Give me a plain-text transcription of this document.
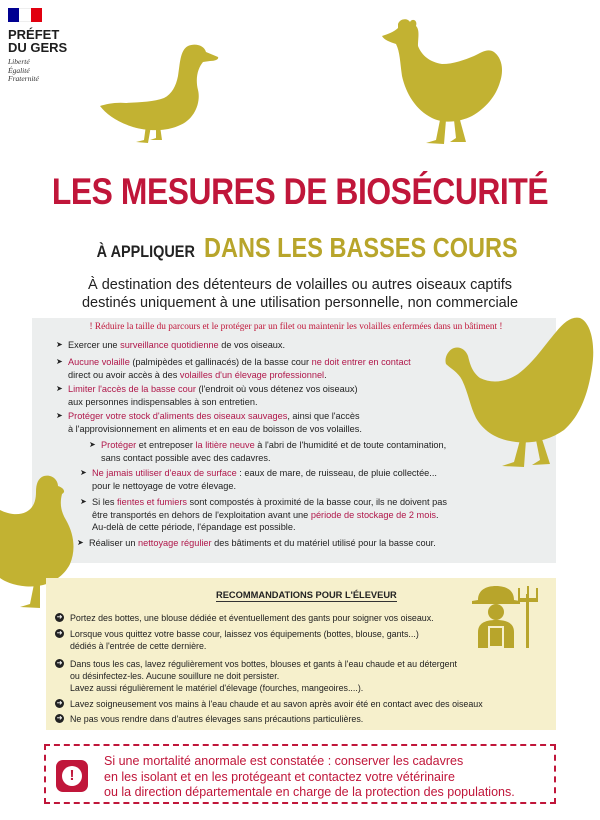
PRÉFET
DU GERS
Liberté
Égalité
Fraternité
LES MESURES DE BIOSÉCURITÉ
À APPLIQUER DANS LES BASSES COURS
À destination des détenteurs de volailles ou autres oiseaux captifs
destinés uniquement à une utilisation personnelle, non commerciale
! Réduire la taille du parcours et le protéger par un filet ou maintenir les volailles enfermées dans un bâtiment !
➤ Exercer une surveillance quotidienne de vos oiseaux.
➤ Aucune volaille (palmipèdes et gallinacés) de la basse cour ne doit entrer en contact
direct ou avoir accès à des volailles d'un élevage professionnel.
➤ Limiter l'accès de la basse cour (l'endroit où vous détenez vos oiseaux)
aux personnes indispensables à son entretien.
➤ Protéger votre stock d'aliments des oiseaux sauvages, ainsi que l'accès
à l'approvisionnement en aliments et en eau de boisson de vos volailles.
➤ Protéger et entreposer la litière neuve à l'abri de l'humidité et de toute contamination,
sans contact possible avec des cadavres.
➤ Ne jamais utiliser d'eaux de surface : eaux de mare, de ruisseau, de pluie collectée...
pour le nettoyage de votre élevage.
➤ Si les fientes et fumiers sont compostés à proximité de la basse cour, ils ne doivent pas
être transportés en dehors de l'exploitation avant une période de stockage de 2 mois.
Au-delà de cette période, l'épandage est possible.
➤ Réaliser un nettoyage régulier des bâtiments et du matériel utilisé pour la basse cour.
RECOMMANDATIONS POUR L'ÉLEVEUR
➜ Portez des bottes, une blouse dédiée et éventuellement des gants pour soigner vos oiseaux.
➜ Lorsque vous quittez votre basse cour, laissez vos équipements (bottes, blouse, gants...)
dédiés à l'entrée de cette dernière.
➜ Dans tous les cas, lavez régulièrement vos bottes, blouses et gants à l'eau chaude et au détergent
ou désinfectez-les. Aucune souillure ne doit persister.
Lavez aussi régulièrement le matériel d'élevage (fourches, mangeoires....).
➜ Lavez soigneusement vos mains à l'eau chaude et au savon après avoir été en contact avec des oiseaux
➜ Ne pas vous rendre dans d'autres élevages sans précautions particulières.
!
Si une mortalité anormale est constatée : conserver les cadavres
en les isolant et en les protégeant et contactez votre vétérinaire
ou la direction départementale en charge de la protection des populations.
